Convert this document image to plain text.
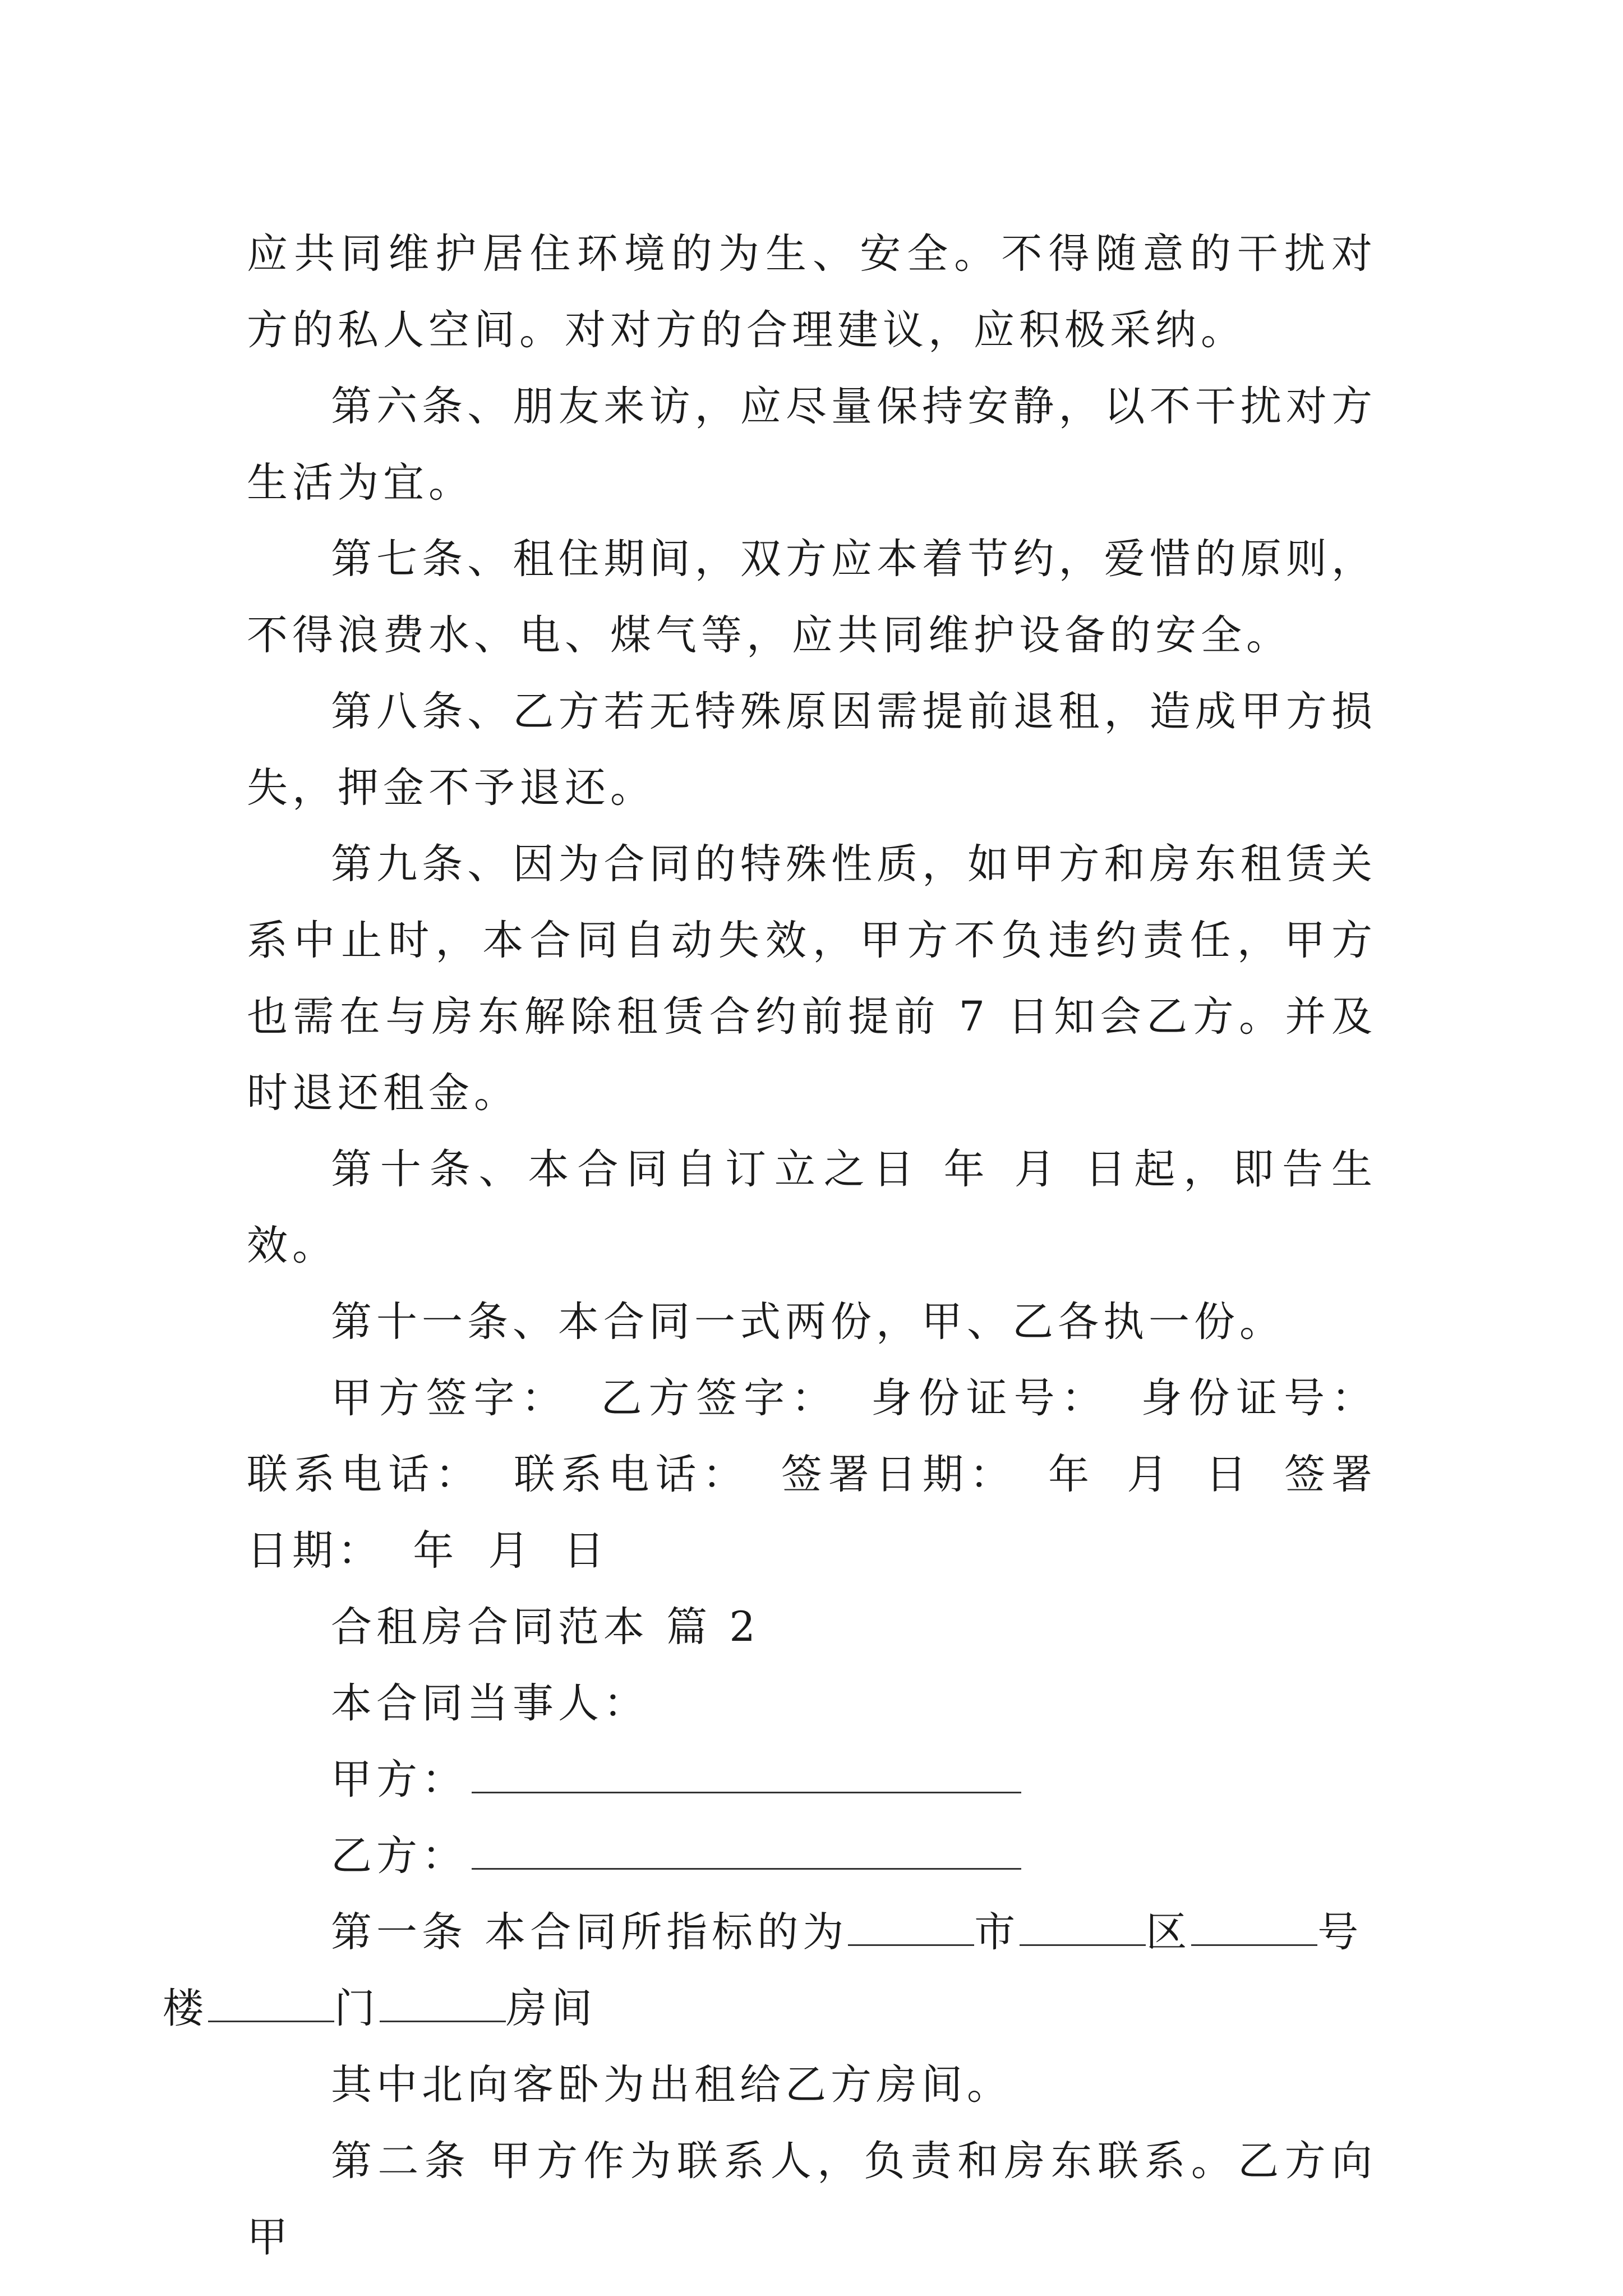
应共同维护居住环境的为生、安全。不得随意的干扰对方的私人空间。对对方的合理建议，应积极采纳。

第六条、朋友来访，应尽量保持安静，以不干扰对方生活为宜。

第七条、租住期间，双方应本着节约，爱惜的原则，不得浪费水、电、煤气等，应共同维护设备的安全。

第八条、乙方若无特殊原因需提前退租，造成甲方损失，押金不予退还。

第九条、因为合同的特殊性质，如甲方和房东租赁关系中止时，本合同自动失效，甲方不负违约责任，甲方也需在与房东解除租赁合约前提前 7 日知会乙方。并及时退还租金。

第十条、本合同自订立之日 年 月 日起，即告生效。

第十一条、本合同一式两份，甲、乙各执一份。

甲方签字： 乙方签字： 身份证号： 身份证号： 联系电话： 联系电话： 签署日期： 年 月 日 签署日期： 年 月 日

合租房合同范本 篇 2

本合同当事人：

甲方：

乙方：

第一条 本合同所指标的为	市	区	号
楼	门	房间

其中北向客卧为出租给乙方房间。

第二条 甲方作为联系人，负责和房东联系。乙方向甲
